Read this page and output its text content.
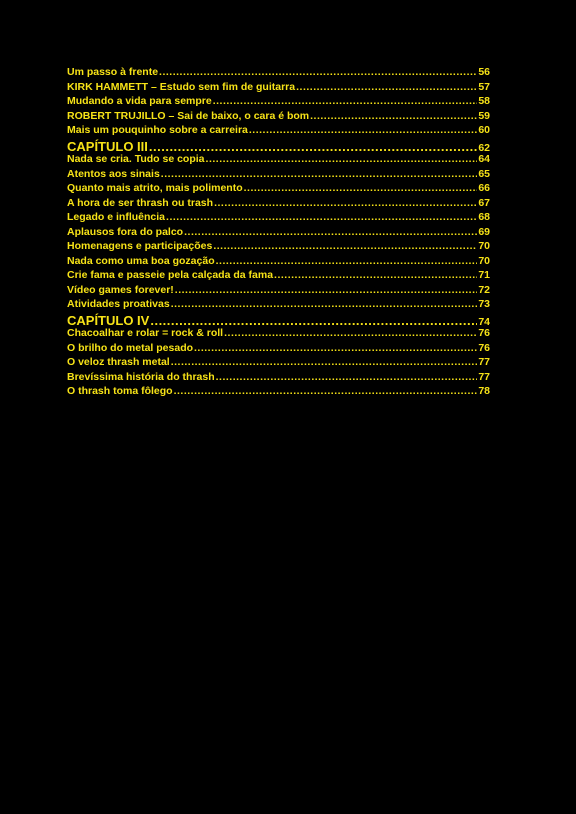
Um passo à frente .....	56
KIRK HAMMETT – Estudo sem fim de guitarra .....	57
Mudando a vida para sempre .....	58
ROBERT TRUJILLO – Sai de baixo, o cara é bom .....	59
Mais um pouquinho sobre a carreira .....	60
CAPÍTULO III .....	62
Nada se cria. Tudo se copia .....	64
Atentos aos sinais .....	65
Quanto mais atrito, mais polimento .....	66
A hora de ser thrash ou trash .....	67
Legado e influência .....	68
Aplausos fora do palco .....	69
Homenagens e participações .....	70
Nada como uma boa gozação .....	70
Crie fama e passeie pela calçada da fama .....	71
Vídeo games forever! .....	72
Atividades proativas .....	73
CAPÍTULO IV .....	74
Chacoalhar e rolar = rock & roll .....	76
O brilho do metal pesado .....	76
O veloz thrash metal .....	77
Brevíssima história do thrash .....	77
O thrash toma fôlego .....	78
